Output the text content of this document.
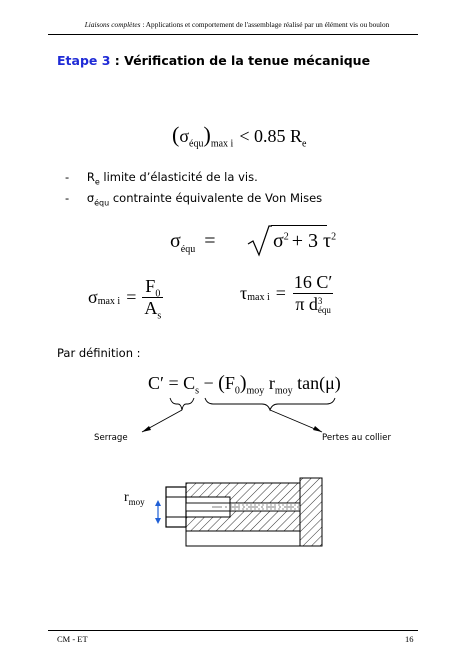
Liaisons complètes : Applications et comportement de l'assemblage réalisé par un élément vis ou boulon
Etape 3 : Vérification de la tenue mécanique
$(\sigma_{équ})_{max i} < 0.85$ $R_e$
- $R_e$ limite d’élasticité de la vis.
- $\sigma_{équ}$ contrainte équivalente de Von Mises
$\sigma_{équ}$ =	$\sigma^2 + 3$ $\tau^2$
$\sigma_{max i} = \frac{F_0}{A_s}$	$\tau_{max i} = 16$ C′
π d 3
équ
Par définition :
$C' = C_s - (F_0)_{moy}$ $r_{moy}$ tan(μ)
Serrage	Pertes au collier
$r_{moy}$
CM - ET	16
